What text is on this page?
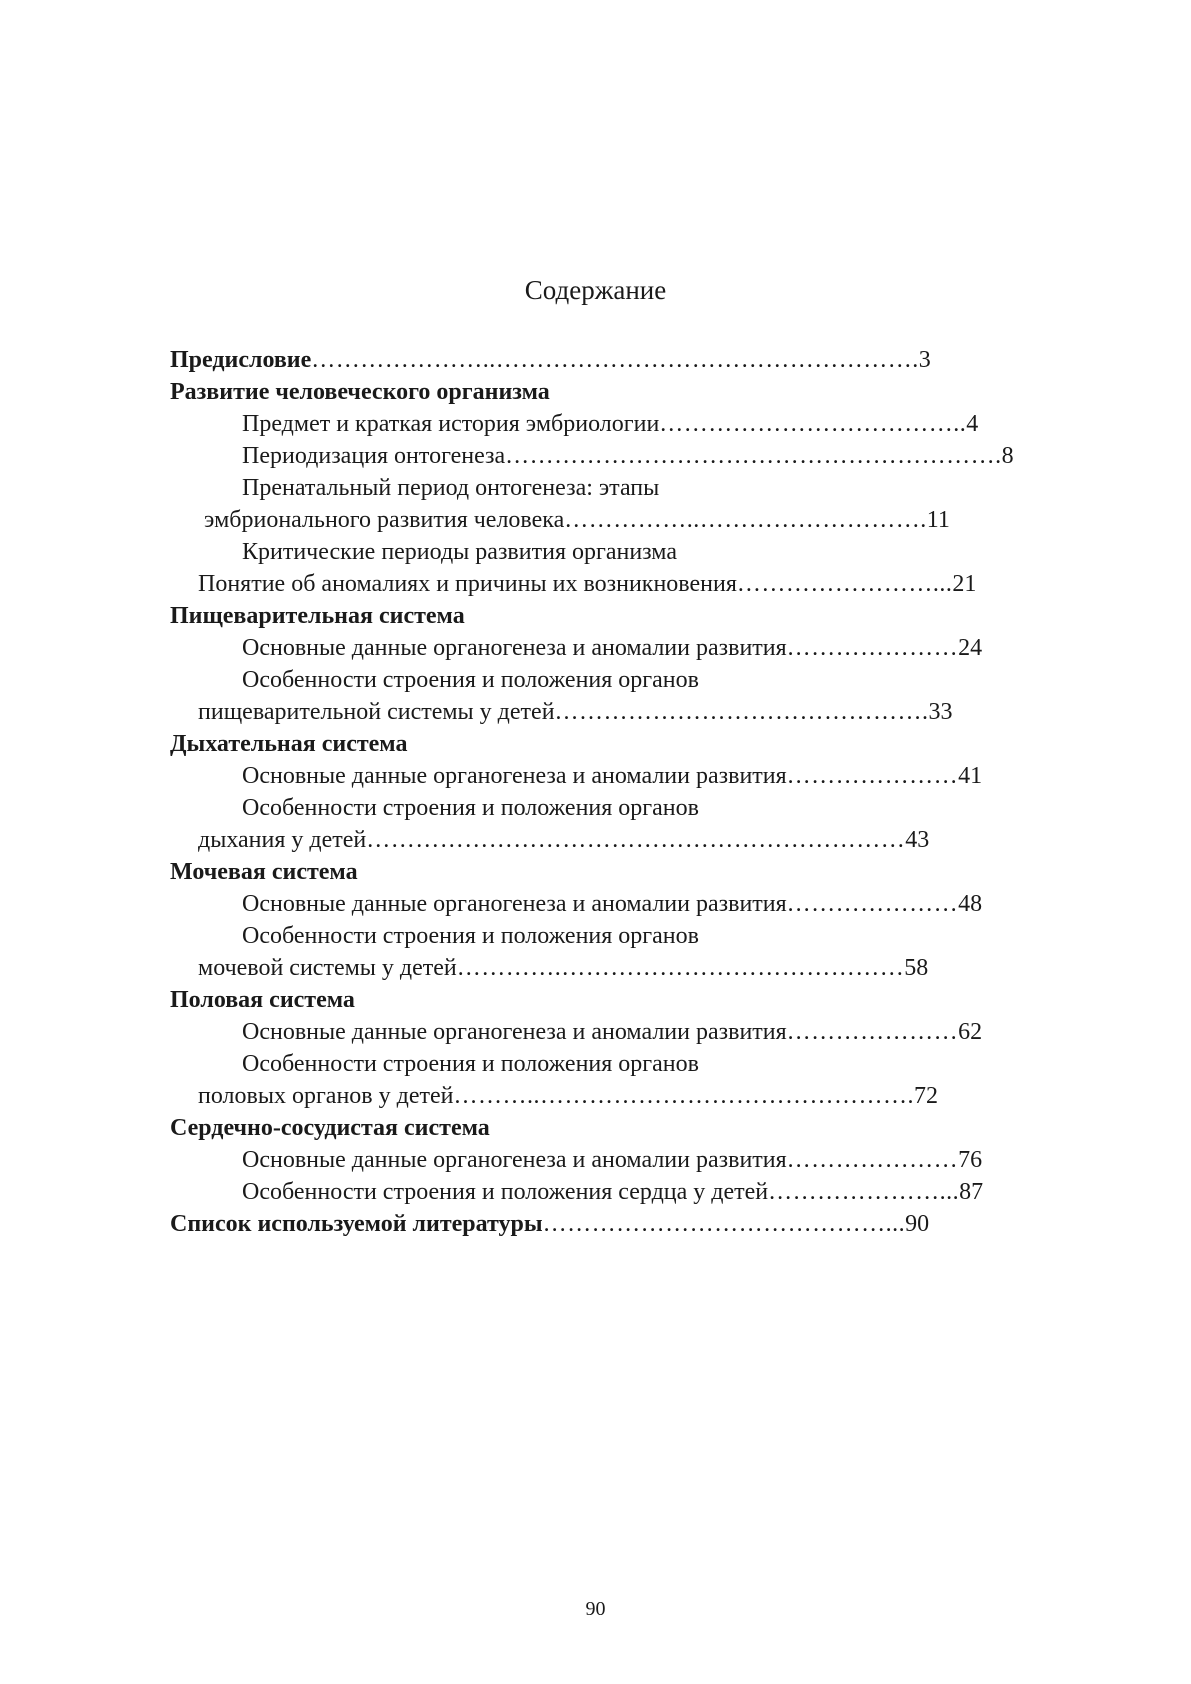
Содержание
Предисловие…………………..…………………………………………….3
Развитие человеческого организма
Предмет и краткая история эмбриологии………………………………..4
Периодизация онтогенеза…………………………………………………….8
Пренатальный период онтогенеза: этапы
эмбрионального развития человека……………..……………………….11
Критические периоды развития организма
Понятие об аномалиях и причины их возникновения……………………...21
Пищеварительная система
Основные данные органогенеза и аномалии развития…………………24
Особенности строения и положения органов
пищеварительной системы у детей……………………………………….33
Дыхательная система
Основные данные органогенеза и аномалии развития…………………41
Особенности строения и положения органов
дыхания у детей…………………………………………………………43
Мочевая система
Основные данные органогенеза и аномалии развития…………………48
Особенности строения и положения органов
мочевой системы у детей………….……………………………………58
Половая система
Основные данные органогенеза и аномалии развития…………………62
Особенности строения и положения органов
половых органов у детей………..……………………………………….72
Сердечно-сосудистая система
Основные данные органогенеза и аномалии развития…………………76
Особенности строения и положения сердца у детей…………………...87
Список используемой литературы……………………………………...90
90
